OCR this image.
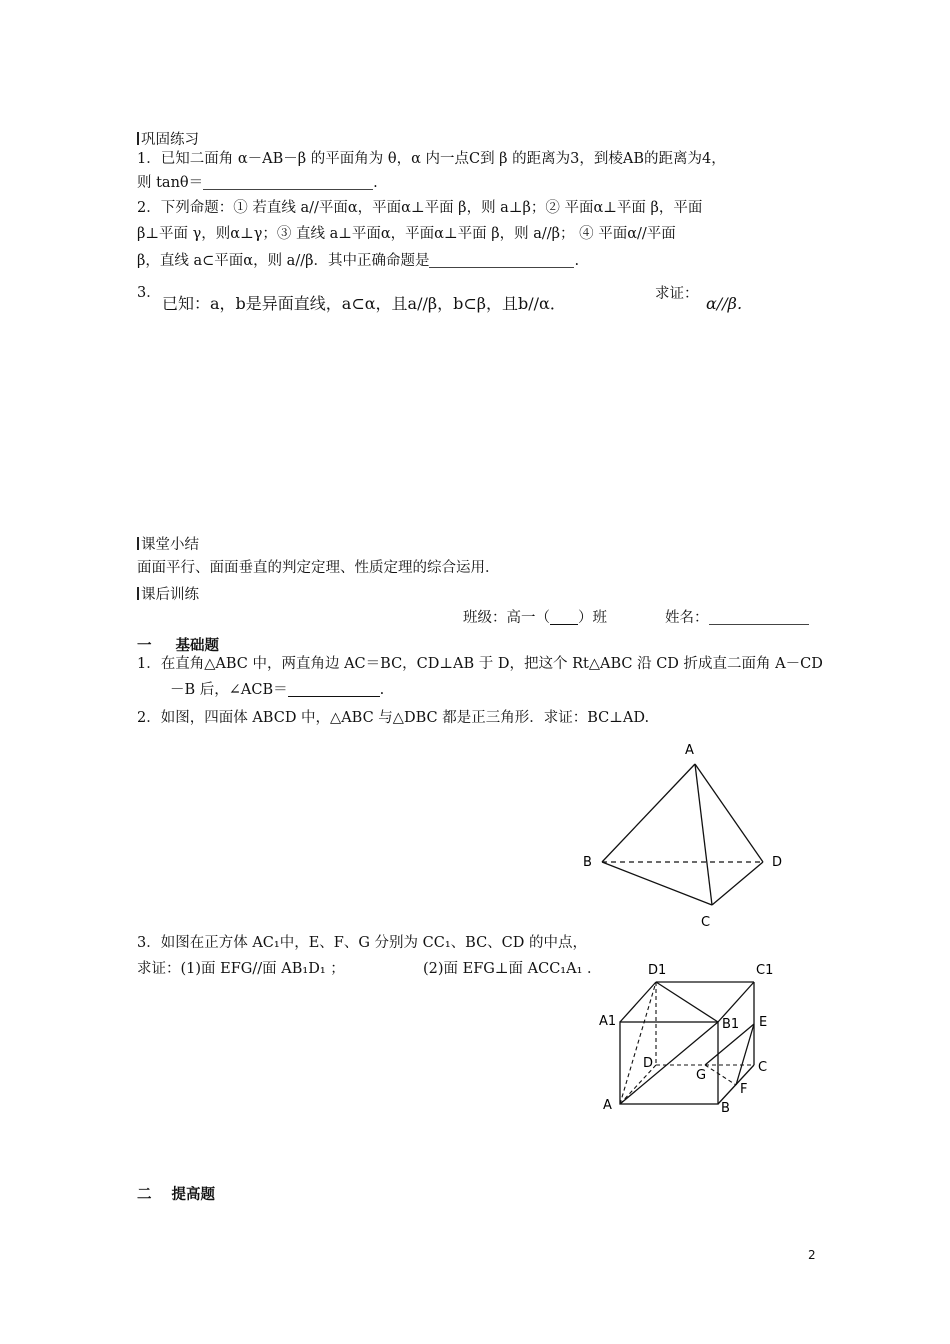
巩固练习
1．已知二面角 α－AB－β 的平面角为 θ，α 内一点C到 β 的距离为3，到棱AB的距离为4，
则 tanθ＝	.
2．下列命题：① 若直线 a//平面α，平面α⊥平面 β，则 a⊥β；② 平面α⊥平面 β，平面
β⊥平面 γ，则α⊥γ；③ 直线 a⊥平面α，平面α⊥平面 β，则 a//β； ④ 平面α//平面
β，直线 a⊂平面α，则 a//β．其中正确命题是	.
3．
已知：a，b是异面直线，a⊂α，且a//β，b⊂β，且b//α．	求证： α//β．
课堂小结
面面平行、面面垂直的判定定理、性质定理的综合运用．
课后训练
班级：高一（ ）班	姓名：
一 基础题
1．在直角△ABC 中，两直角边 AC＝BC，CD⊥AB 于 D，把这个 Rt△ABC 沿 CD 折成直二面角 A－CD
－B 后，∠ACB＝	.
2．如图，四面体 ABCD 中，△ABC 与△DBC 都是正三角形．求证：BC⊥AD.
A
B	D
C
3．如图在正方体 AC₁中，E、F、G 分别为 CC₁、BC、CD 的中点，
求证：(1)面 EFG//面 AB₁D₁ ；	(2)面 EFG⊥面 ACC₁A₁ ．	D1	C1
A1	B1 E
D
G
C
F
A	B
二 提高题
2
